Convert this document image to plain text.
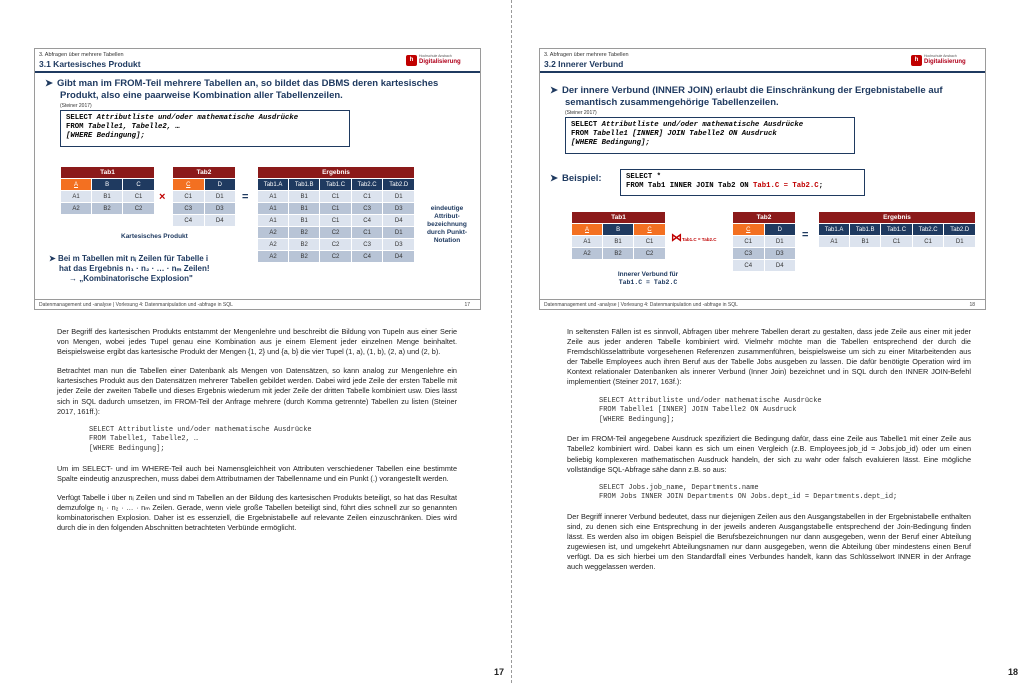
3. Abfragen über mehrere Tabellen
3.1 Kartesisches Produkt	h
Hochschule Ansbach
Digitalisierung
➤ Gibt man im FROM-Teil mehrere Tabellen an, so bildet das DBMS deren kartesisches
Produkt, also eine paarweise Kombination aller Tabellenzeilen.
(Steiner 2017)
SELECT Attributliste und/oder mathematische Ausdrücke
FROM Tabelle1, Tabelle2, …
[WHERE Bedingung];
Tab1		
A	B	C
A1	B1	C1
A2	B2	C2
×
Tab2	
C	D
C1	D1
C3	D3
C4	D4
=
Ergebnis				
Tab1.A	Tab1.B	Tab1.C	Tab2.C	Tab2.D
A1	B1	C1	C1	D1
A1	B1	C1	C3	D3
A1	B1	C1	C4	D4
A2	B2	C2	C1	D1
A2	B2	C2	C3	D3
A2	B2	C2	C4	D4
Kartesisches Produkt
eindeutige
Attribut-
bezeichnung
durch Punkt-
Notation
➤ Bei m Tabellen mit nᵢ Zeilen für Tabelle i
hat das Ergebnis n₁ · n₂ · … · nₘ Zeilen!
→ „Kombinatorische Explosion"
Datenmanagement und -analyse | Vorlesung 4: Datenmanipulation und -abfrage in SQL	17

Der Begriff des kartesischen Produkts entstammt der Mengenlehre und beschreibt die Bildung von Tupeln aus einer Serie von Mengen, wobei jedes Tupel genau eine Kombination aus je einem Element jeder einzelnen Menge beinhaltet. Beispielsweise ergibt das kartesische Produkt der Mengen {1, 2} und {a, b} die vier Tupel (1, a), (1, b), (2, a) und (2, b).

Betrachtet man nun die Tabellen einer Datenbank als Mengen von Datensätzen, so kann analog zur Mengenlehre ein kartesisches Produkt aus den Datensätzen mehrerer Tabellen gebildet werden. Dabei wird jede Zeile der ersten Tabelle mit jeder Zeile der zweiten Tabelle und dieses Ergebnis wiederum mit jeder Zeile der dritten Tabelle kombiniert usw. Dies lässt sich in SQL dadurch umsetzen, im FROM-Teil der Anfrage mehrere (durch Komma getrennte) Tabellen zu listen (Steiner 2017, 161ff.):

SELECT Attributliste und/oder mathematische Ausdrücke
FROM Tabelle1, Tabelle2, …
[WHERE Bedingung];

Um im SELECT- und im WHERE-Teil auch bei Namensgleichheit von Attributen verschiedener Tabellen eine bestimmte Spalte eindeutig anzusprechen, muss dabei dem Attributnamen der Tabellenname und ein Punkt (.) vorangestellt werden.

Verfügt Tabelle i über nᵢ Zeilen und sind m Tabellen an der Bildung des kartesischen Produkts beteiligt, so hat das Resultat demzufolge n₁ · n₂ · … · nₘ Zeilen. Gerade, wenn viele große Tabellen beteiligt sind, führt dies schnell zur so genannten kombinatorischen Explosion. Daher ist es essenziell, die Ergebnistabelle auf relevante Zeilen einzuschränken. Dies wird durch die in den folgenden Abschnitten betrachteten Verbünde ermöglicht.

17
3. Abfragen über mehrere Tabellen
3.2 Innerer Verbund	h
Hochschule Ansbach
Digitalisierung
➤ Der innere Verbund (INNER JOIN) erlaubt die Einschränkung der Ergebnistabelle auf
semantisch zusammengehörige Tabellenzeilen.
(Steiner 2017)
SELECT Attributliste und/oder mathematische Ausdrücke
FROM Tabelle1 [INNER] JOIN Tabelle2 ON Ausdruck
[WHERE Bedingung];
➤ Beispiel:	SELECT *
FROM Tab1 INNER JOIN Tab2 ON Tab1.C = Tab2.C;
Tab1		
A	B	C
A1	B1	C1
A2	B2	C2
⋈Tab1.C = Tab2.C
Tab2	
C	D
C1	D1
C3	D3
C4	D4
=
Ergebnis				
Tab1.A	Tab1.B	Tab1.C	Tab2.C	Tab2.D
A1	B1	C1	C1	D1
Innerer Verbund für
Tab1.C = Tab2.C
Datenmanagement und -analyse | Vorlesung 4: Datenmanipulation und -abfrage in SQL	18

In seltensten Fällen ist es sinnvoll, Abfragen über mehrere Tabellen derart zu gestalten, dass jede Zeile aus einer mit jeder Zeile aus jeder anderen Tabelle kombiniert wird. Vielmehr möchte man die Tabellen entsprechend der durch die Fremdschlüsselattribute vorgesehenen Referenzen zusammenführen, beispielsweise um sich zu einer Mitarbeitenden aus der Tabelle Employees auch ihren Beruf aus der Tabelle Jobs ausgeben zu lassen. Die dafür benötigte Operation wird im Kontext relationaler Datenbanken als innerer Verbund (Inner Join) bezeichnet und in SQL durch den INNER JOIN-Befehl implementiert (Steiner 2017, 163f.):

SELECT Attributliste und/oder mathematische Ausdrücke
FROM Tabelle1 [INNER] JOIN Tabelle2 ON Ausdruck
[WHERE Bedingung];

Der im FROM-Teil angegebene Ausdruck spezifiziert die Bedingung dafür, dass eine Zeile aus Tabelle1 mit einer Zeile aus Tabelle2 kombiniert wird. Dabei kann es sich um einen Vergleich (z.B. Employees.job_id = Jobs.job_id) oder um einen beliebig komplexeren mathematischen Ausdruck handeln, der sich zu wahr oder falsch evaluieren lässt. Eine mögliche vollständige SQL-Abfrage sähe dann z.B. so aus:

SELECT Jobs.job_name, Departments.name
FROM Jobs INNER JOIN Departments ON Jobs.dept_id = Departments.dept_id;

Der Begriff innerer Verbund bedeutet, dass nur diejenigen Zeilen aus den Ausgangstabellen in der Ergebnistabelle enthalten sind, zu denen sich eine Entsprechung in der jeweils anderen Ausgangstabelle entsprechend der Join-Bedingung finden lässt. Es werden also im obigen Beispiel die Berufsbezeichnungen nur dann ausgegeben, wenn der Beruf einer Abteilung zugewiesen ist, und umgekehrt Abteilungsnamen nur dann ausgegeben, wenn die Abteilung über mindestens einen Beruf verfügt. Da es sich hierbei um den Standardfall eines Verbundes handelt, kann das Schlüsselwort INNER in der Anfrage auch weggelassen werden.

18
